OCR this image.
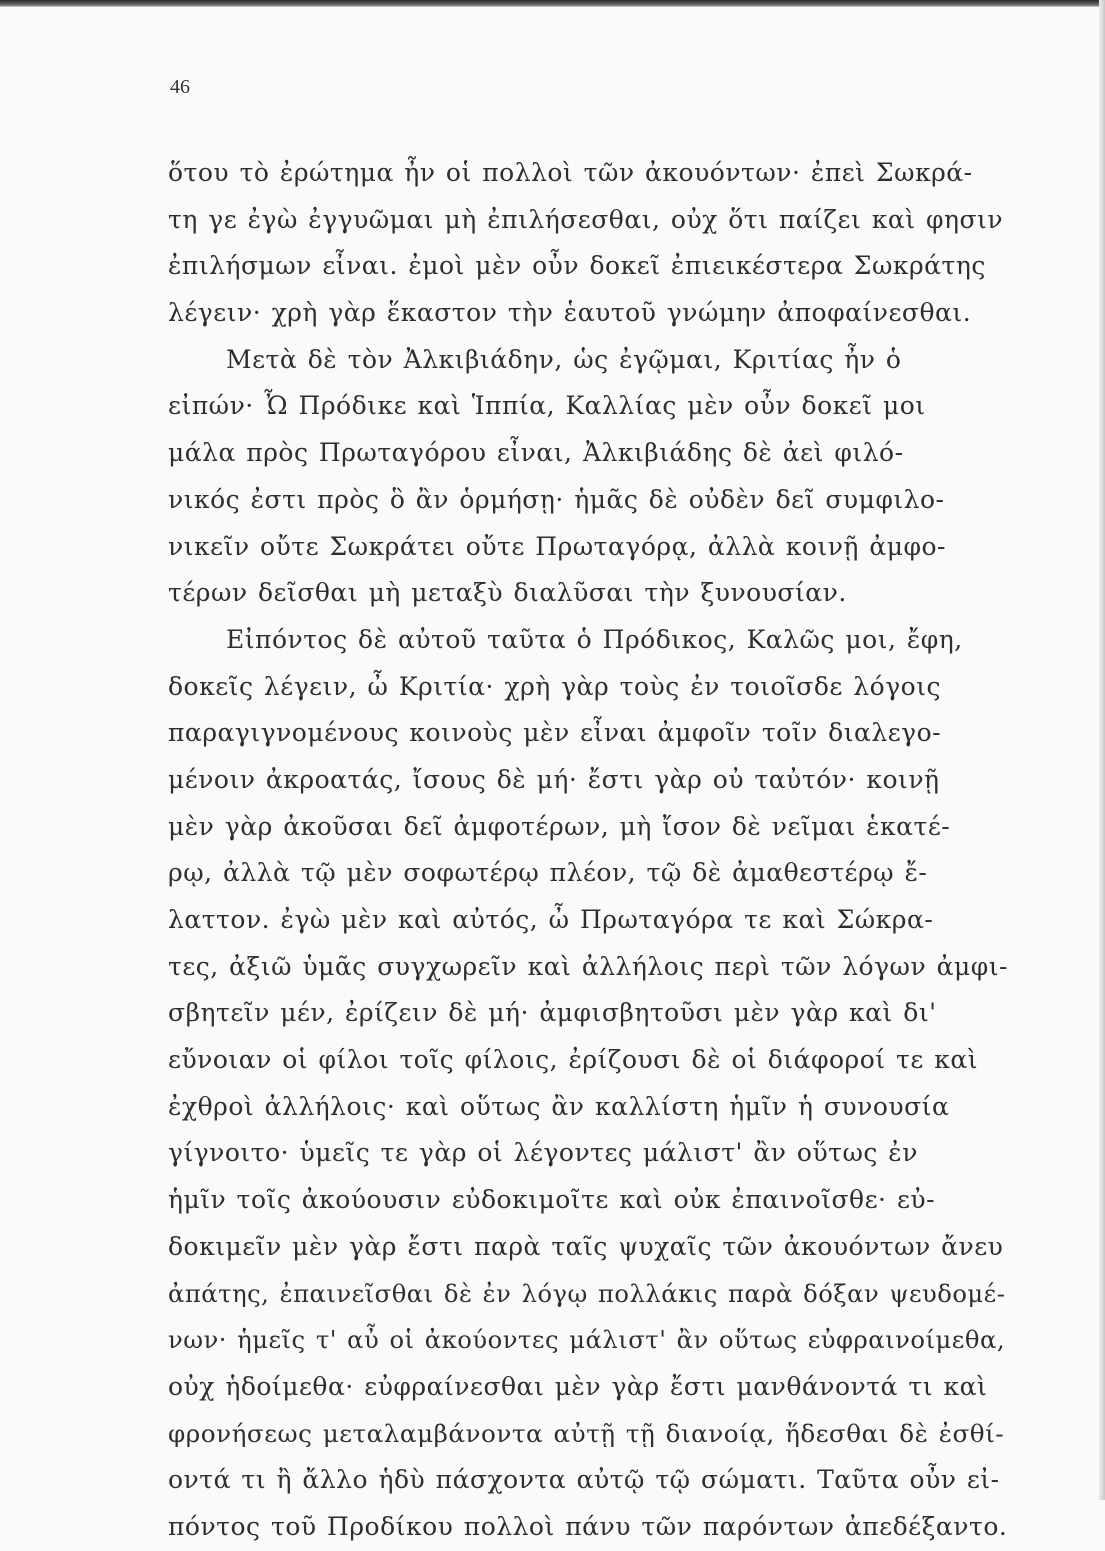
46
ὅτου τὸ ἐρώτημα ἦν οἱ πολλοὶ τῶν ἀκουόντων· ἐπεὶ Σωκρά-
τη γε ἐγὼ ἐγγυῶμαι μὴ ἐπιλήσεσθαι, οὐχ ὅτι παίζει καὶ φησιν
ἐπιλήσμων εἶναι. ἐμοὶ μὲν οὖν δοκεῖ ἐπιεικέστερα Σωκράτης
λέγειν· χρὴ γὰρ ἕκαστον τὴν ἑαυτοῦ γνώμην ἀποφαίνεσθαι.
Μετὰ δὲ τὸν Ἀλκιβιάδην, ὡς ἐγῷμαι, Κριτίας ἦν ὁ
εἰπών· Ὦ Πρόδικε καὶ Ἱππία, Καλλίας μὲν οὖν δοκεῖ μοι
μάλα πρὸς Πρωταγόρου εἶναι, Ἀλκιβιάδης δὲ ἀεὶ φιλό-
νικός ἐστι πρὸς ὃ ἂν ὁρμήσῃ· ἡμᾶς δὲ οὐδὲν δεῖ συμφιλο-
νικεῖν οὔτε Σωκράτει οὔτε Πρωταγόρᾳ, ἀλλὰ κοινῇ ἀμφο-
τέρων δεῖσθαι μὴ μεταξὺ διαλῦσαι τὴν ξυνουσίαν.
Εἰπόντος δὲ αὐτοῦ ταῦτα ὁ Πρόδικος, Καλῶς μοι, ἔφη,
δοκεῖς λέγειν, ὦ Κριτία· χρὴ γὰρ τοὺς ἐν τοιοῖσδε λόγοις
παραγιγνομένους κοινοὺς μὲν εἶναι ἀμφοῖν τοῖν διαλεγο-
μένοιν ἀκροατάς, ἴσους δὲ μή· ἔστι γὰρ οὐ ταὐτόν· κοινῇ
μὲν γὰρ ἀκοῦσαι δεῖ ἀμφοτέρων, μὴ ἴσον δὲ νεῖμαι ἑκατέ-
ρῳ, ἀλλὰ τῷ μὲν σοφωτέρῳ πλέον, τῷ δὲ ἀμαθεστέρῳ ἔ-
λαττον. ἐγὼ μὲν καὶ αὐτός, ὦ Πρωταγόρα τε καὶ Σώκρα-
τες, ἀξιῶ ὑμᾶς συγχωρεῖν καὶ ἀλλήλοις περὶ τῶν λόγων ἀμφι-
σβητεῖν μέν, ἐρίζειν δὲ μή· ἀμφισβητοῦσι μὲν γὰρ καὶ δι'
εὔνοιαν οἱ φίλοι τοῖς φίλοις, ἐρίζουσι δὲ οἱ διάφοροί τε καὶ
ἐχθροὶ ἀλλήλοις· καὶ οὕτως ἂν καλλίστη ἡμῖν ἡ συνουσία
γίγνοιτο· ὑμεῖς τε γὰρ οἱ λέγοντες μάλιστ' ἂν οὕτως ἐν
ἡμῖν τοῖς ἀκούουσιν εὐδοκιμοῖτε καὶ οὐκ ἐπαινοῖσθε· εὐ-
δοκιμεῖν μὲν γὰρ ἔστι παρὰ ταῖς ψυχαῖς τῶν ἀκουόντων ἄνευ
ἀπάτης, ἐπαινεῖσθαι δὲ ἐν λόγῳ πολλάκις παρὰ δόξαν ψευδομέ-
νων· ἡμεῖς τ' αὖ οἱ ἀκούοντες μάλιστ' ἂν οὕτως εὐφραινοίμεθα,
οὐχ ἡδοίμεθα· εὐφραίνεσθαι μὲν γὰρ ἔστι μανθάνοντά τι καὶ
φρονήσεως μεταλαμβάνοντα αὐτῇ τῇ διανοίᾳ, ἥδεσθαι δὲ ἐσθί-
οντά τι ἢ ἄλλο ἡδὺ πάσχοντα αὐτῷ τῷ σώματι. Ταῦτα οὖν εἰ-
πόντος τοῦ Προδίκου πολλοὶ πάνυ τῶν παρόντων ἀπεδέξαντο.
